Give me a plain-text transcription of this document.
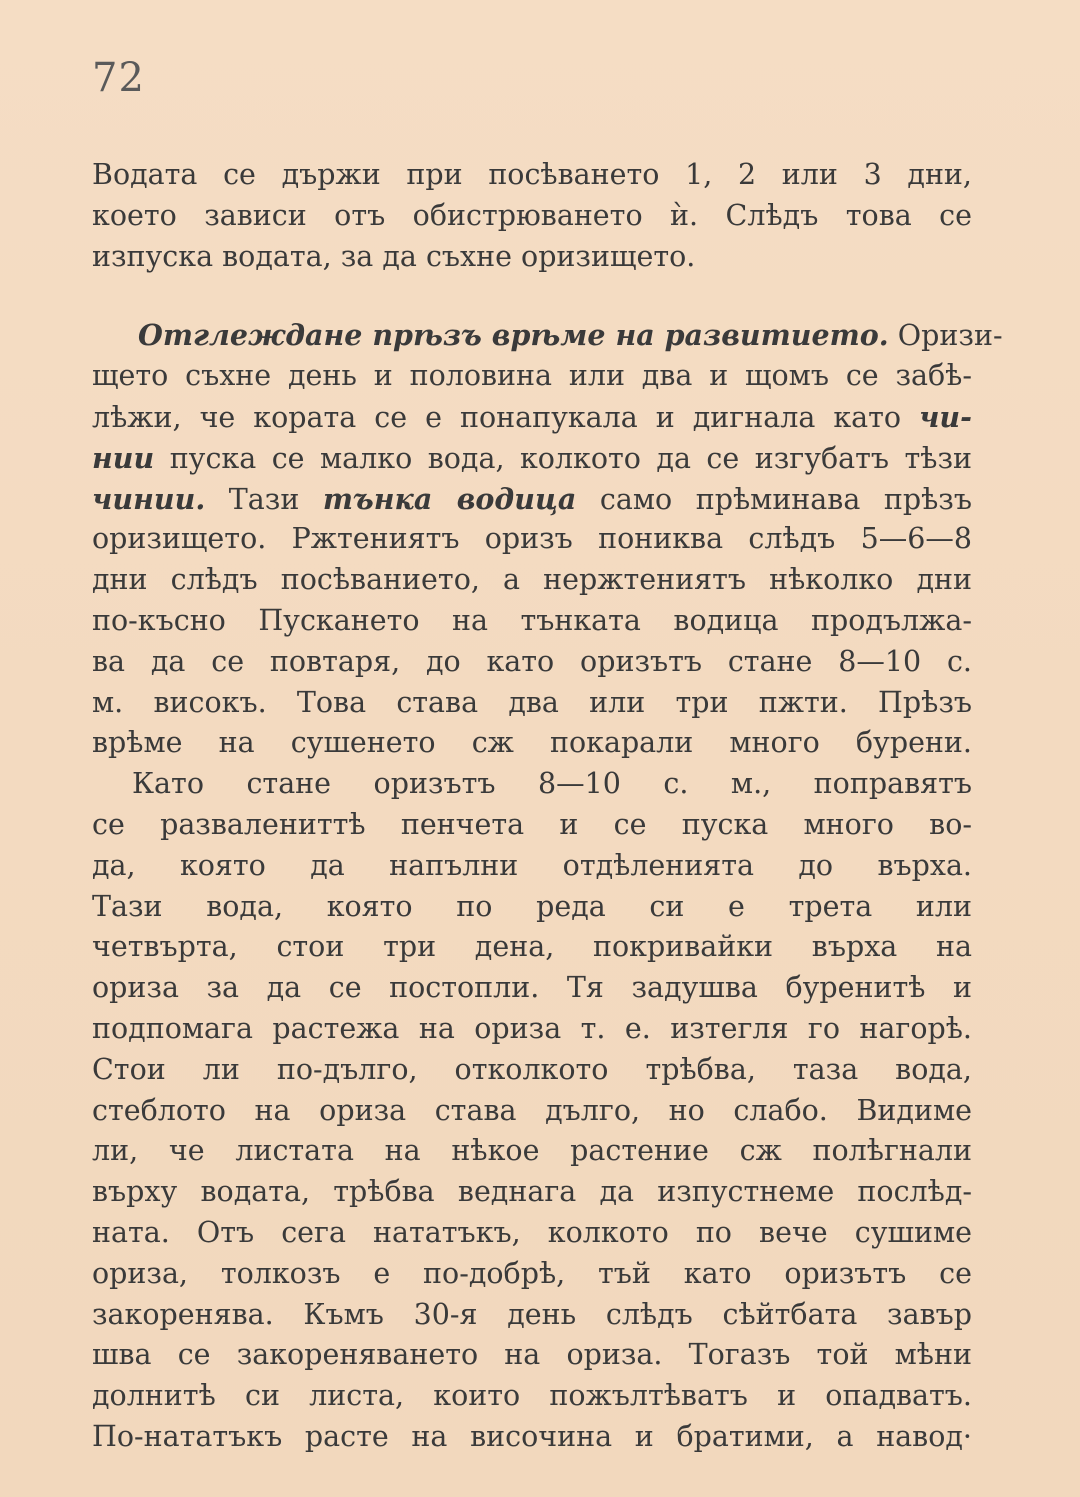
72
Водата се държи при посѣването 1, 2 или 3 дни,
което зависи отъ обистрюването ѝ. Слѣдъ това се
изпуска водата, за да съхне оризището.
Отглеждане прѣзъ врѣме на развитието. Оризи-
щето съхне день и половина или два и щомъ се забѣ-
лѣжи, че кората се е понапукала и дигнала като чи-
нии пуска се малко вода, колкото да се изгубатъ тѣзи
чинии. Тази тънка водица само прѣминава прѣзъ
оризището. Ржтениятъ оризъ пониква слѣдъ 5—6—8
дни слѣдъ посѣванието, а нержтениятъ нѣколко дни
по-късно Пускането на тънката водица продължа-
ва да се повтаря, до като оризътъ стане 8—10 с.
м. високъ. Това става два или три пжти. Прѣзъ
врѣме на сушенето сж покарали много бурени.
Като стане оризътъ 8—10 с. м., поправятъ
се развалениттѣ пенчета и се пуска много во-
да, която да напълни отдѣленията до върха.
Тази вода, която по реда си е трета или
четвърта, стои три дена, покривайки върха на
ориза за да се постопли. Тя задушва буренитѣ и
подпомага растежа на ориза т. е. изтегля го нагорѣ.
Стои ли по-дълго, отколкото трѣбва, таза вода,
стеблото на ориза става дълго, но слабо. Видиме
ли, че листата на нѣкое растение сж полѣгнали
върху водата, трѣбва веднага да изпустнеме послѣд-
ната. Отъ сега нататъкъ, колкото по вече сушиме
ориза, толкозъ е по-добрѣ, тъй като оризътъ се
закоренява. Къмъ 30-я день слѣдъ сѣйтбата завър
шва се закореняването на ориза. Тогазъ той мѣни
долнитѣ си листа, които пожълтѣватъ и опадватъ.
По-нататъкъ расте на височина и братими, а навод·
